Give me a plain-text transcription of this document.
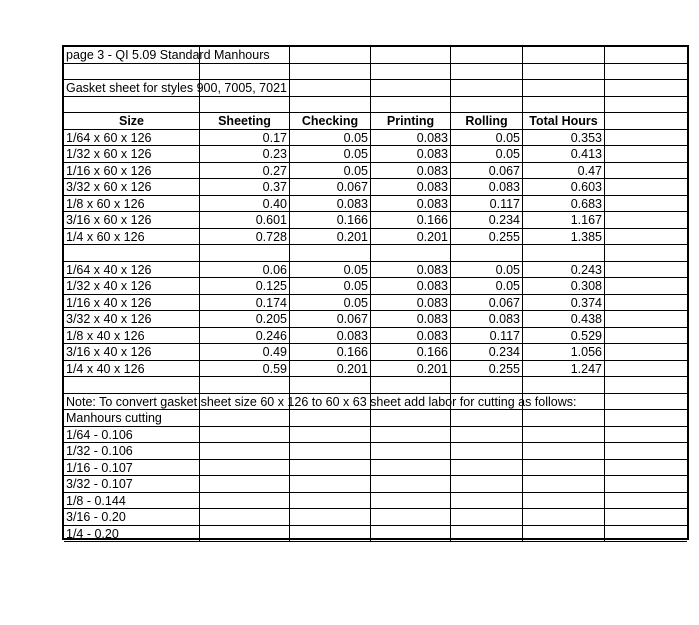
page 3 - QI 5.09 Standard Manhours
Gasket sheet for styles 900, 7005, 7021
Size	Sheeting	Checking	Printing	Rolling	Total Hours
1/64 x 60 x 126	0.17	0.05	0.083	0.05	0.353
1/32 x 60 x 126	0.23	0.05	0.083	0.05	0.413
1/16 x 60 x 126	0.27	0.05	0.083	0.067	0.47
3/32 x 60 x 126	0.37	0.067	0.083	0.083	0.603
1/8 x 60 x 126	0.40	0.083	0.083	0.117	0.683
3/16 x 60 x 126	0.601	0.166	0.166	0.234	1.167
1/4 x 60 x 126	0.728	0.201	0.201	0.255	1.385
1/64 x 40 x 126	0.06	0.05	0.083	0.05	0.243
1/32 x 40 x 126	0.125	0.05	0.083	0.05	0.308
1/16 x 40 x 126	0.174	0.05	0.083	0.067	0.374
3/32 x 40 x 126	0.205	0.067	0.083	0.083	0.438
1/8 x 40 x 126	0.246	0.083	0.083	0.117	0.529
3/16 x 40 x 126	0.49	0.166	0.166	0.234	1.056
1/4 x 40 x 126	0.59	0.201	0.201	0.255	1.247
Note: To convert gasket sheet size 60 x 126 to 60 x 63 sheet add labor for cutting as follows:
Manhours cutting
1/64 - 0.106
1/32 - 0.106
1/16 - 0.107
3/32 - 0.107
1/8 - 0.144
3/16 - 0.20
1/4 - 0.20
